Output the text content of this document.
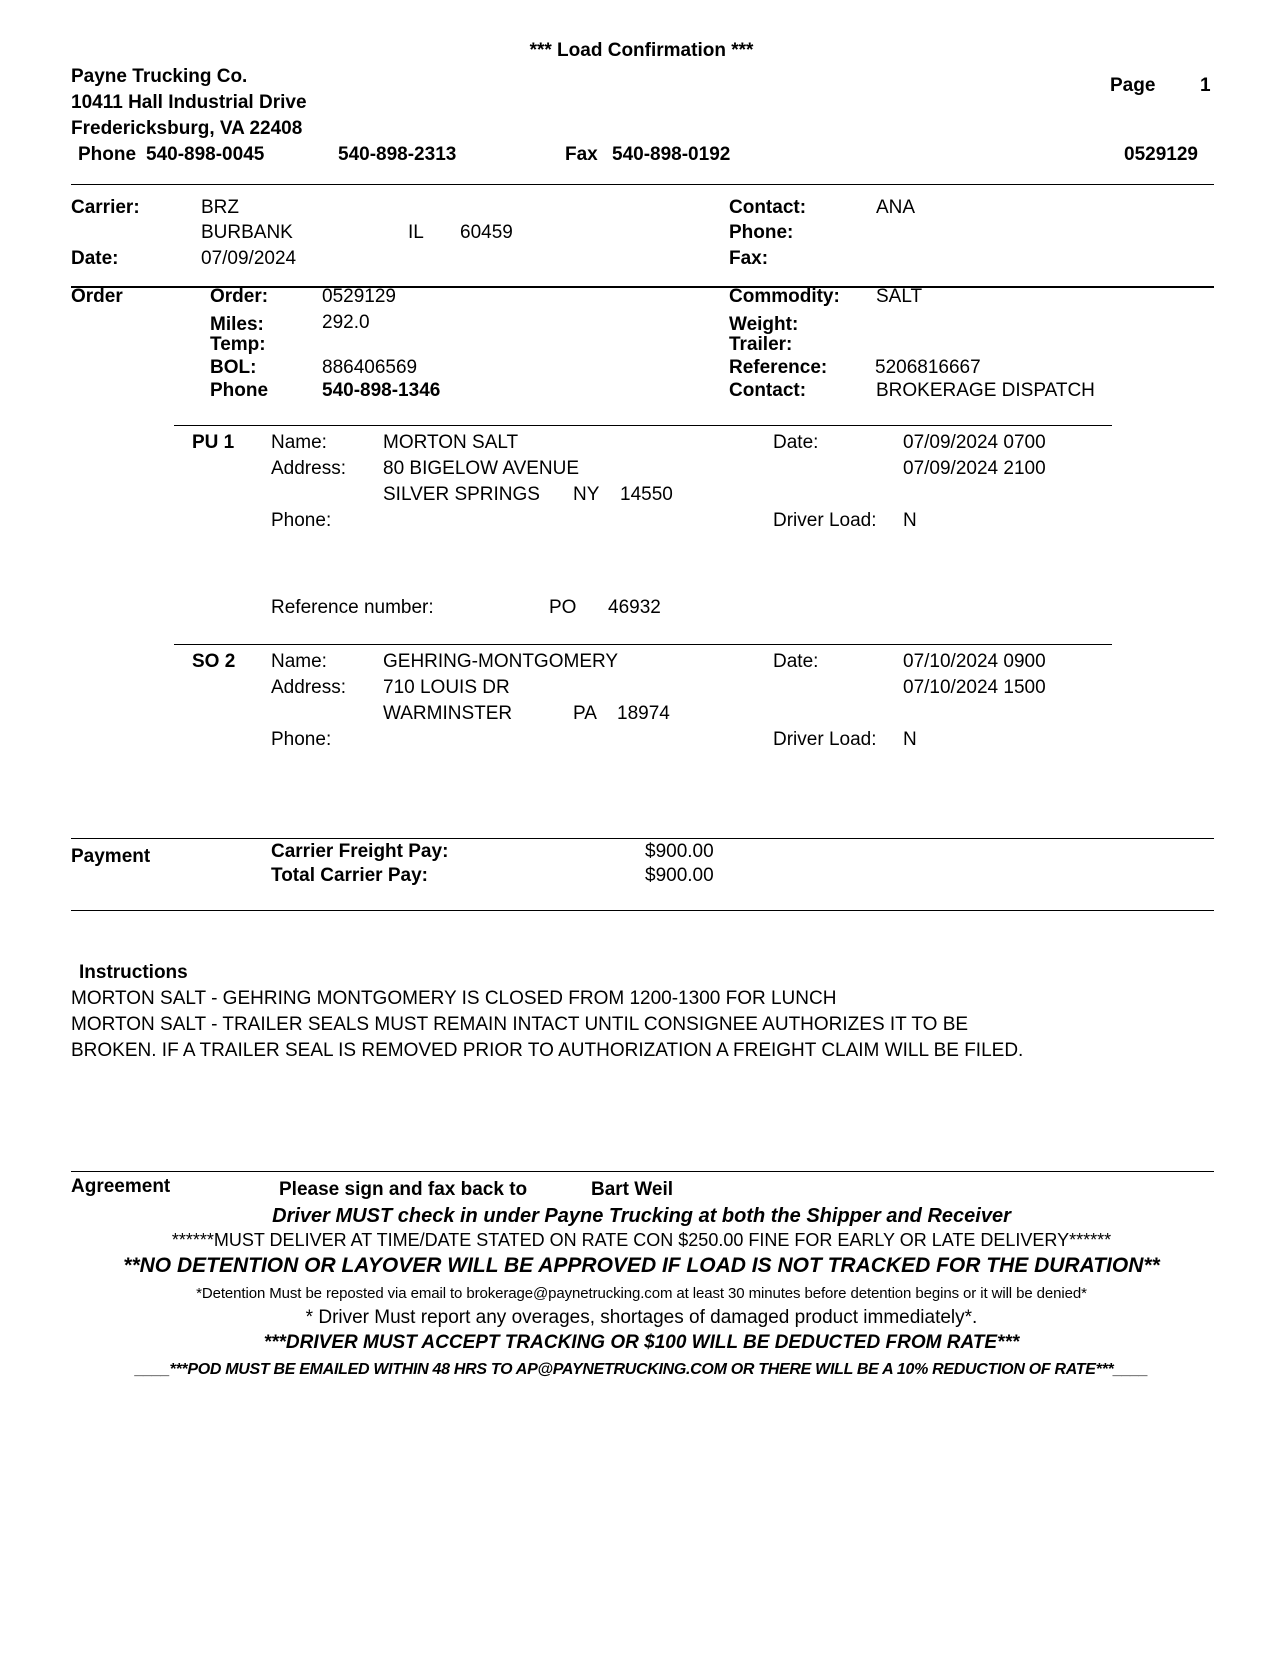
*** Load Confirmation ***
Payne Trucking Co.
10411 Hall Industrial Drive
Fredericksburg, VA 22408
Phone 540-898-0045	540-898-2313	Fax 540-898-0192
Page 1
0529129
Carrier:	BRZ
BURBANK	IL 60459
Date:	07/09/2024
Contact:	ANA
Phone:
Fax:
Order	Order:	0529129
Miles:	292.0
Temp:
BOL:	886406569
Phone	540-898-1346
Commodity: SALT
Weight:
Trailer:
Reference:	5206816667
Contact:	BROKERAGE DISPATCH
PU 1 Name:	MORTON SALT
Address: 80 BIGELOW AVENUE
SILVER SPRINGS NY 14550
Phone:
Date:	07/09/2024 0700
07/09/2024 2100
Driver Load: N
Reference number:	PO 46932
SO 2 Name:	GEHRING-MONTGOMERY
Address: 710 LOUIS DR
WARMINSTER	PA 18974
Phone:
Date:	07/10/2024 0900
07/10/2024 1500
Driver Load: N
Payment	Carrier Freight Pay:	$900.00
Total Carrier Pay:	$900.00
Instructions
MORTON SALT - GEHRING MONTGOMERY IS CLOSED FROM 1200-1300 FOR LUNCH
MORTON SALT - TRAILER SEALS MUST REMAIN INTACT UNTIL CONSIGNEE AUTHORIZES IT TO BE
BROKEN. IF A TRAILER SEAL IS REMOVED PRIOR TO AUTHORIZATION A FREIGHT CLAIM WILL BE FILED.
Agreement	Please sign and fax back to	Bart Weil
Driver MUST check in under Payne Trucking at both the Shipper and Receiver
******MUST DELIVER AT TIME/DATE STATED ON RATE CON $250.00 FINE FOR EARLY OR LATE DELIVERY******
**NO DETENTION OR LAYOVER WILL BE APPROVED IF LOAD IS NOT TRACKED FOR THE DURATION**
*Detention Must be reposted via email to brokerage@paynetrucking.com at least 30 minutes before detention begins or it will be denied*
* Driver Must report any overages, shortages of damaged product immediately*.
***DRIVER MUST ACCEPT TRACKING OR $100 WILL BE DEDUCTED FROM RATE***
____***POD MUST BE EMAILED WITHIN 48 HRS TO AP@PAYNETRUCKING.COM OR THERE WILL BE A 10% REDUCTION OF RATE***____
